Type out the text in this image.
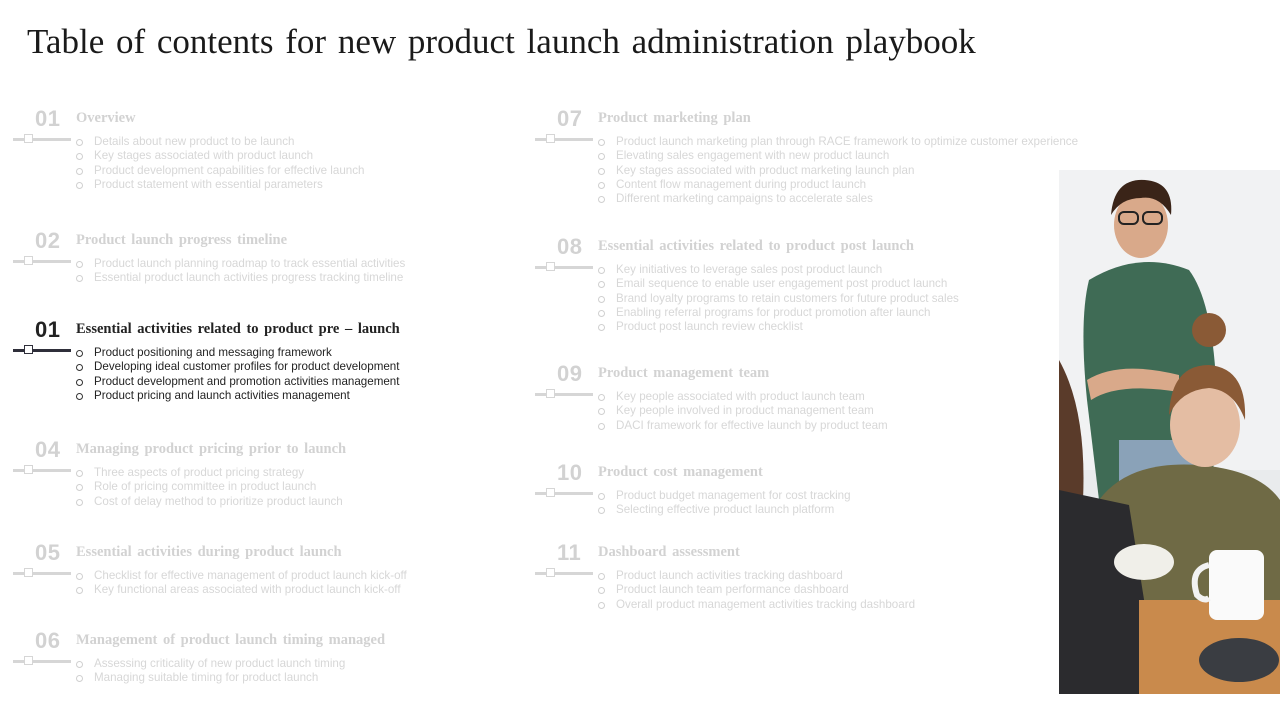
Table of contents for new product launch administration playbook
01 Overview
Details about new product to be launch
Key stages associated with product launch
Product development capabilities for effective launch
Product statement with essential parameters
02 Product launch progress timeline
Product launch planning roadmap to track essential activities
Essential product launch activities progress tracking timeline
01 Essential activities related to product pre – launch
Product positioning and messaging framework
Developing ideal customer profiles for product development
Product development and promotion activities management
Product pricing and launch activities management
04 Managing product pricing prior to launch
Three aspects of product pricing strategy
Role of pricing committee in product launch
Cost of delay method to prioritize product launch
05 Essential activities during product launch
Checklist for effective management of product launch kick-off
Key functional areas associated with product launch kick-off
06 Management of product launch timing managed
Assessing criticality of new product launch timing
Managing suitable timing for product launch
07 Product marketing plan
Product launch marketing plan through RACE framework to optimize customer experience
Elevating sales engagement with new product launch
Key stages associated with product marketing launch plan
Content flow management during product launch
Different marketing campaigns to accelerate sales
08 Essential activities related to product post launch
Key initiatives to leverage sales post product launch
Email sequence to enable user engagement post product launch
Brand loyalty programs to retain customers for future product sales
Enabling referral programs for product promotion after launch
Product post launch review checklist
09 Product management team
Key people associated with product launch team
Key people involved in product management team
DACI framework for effective launch by product team
10 Product cost management
Product budget management for cost tracking
Selecting effective product launch platform
11 Dashboard assessment
Product launch activities tracking dashboard
Product launch team performance dashboard
Overall product management activities tracking dashboard
